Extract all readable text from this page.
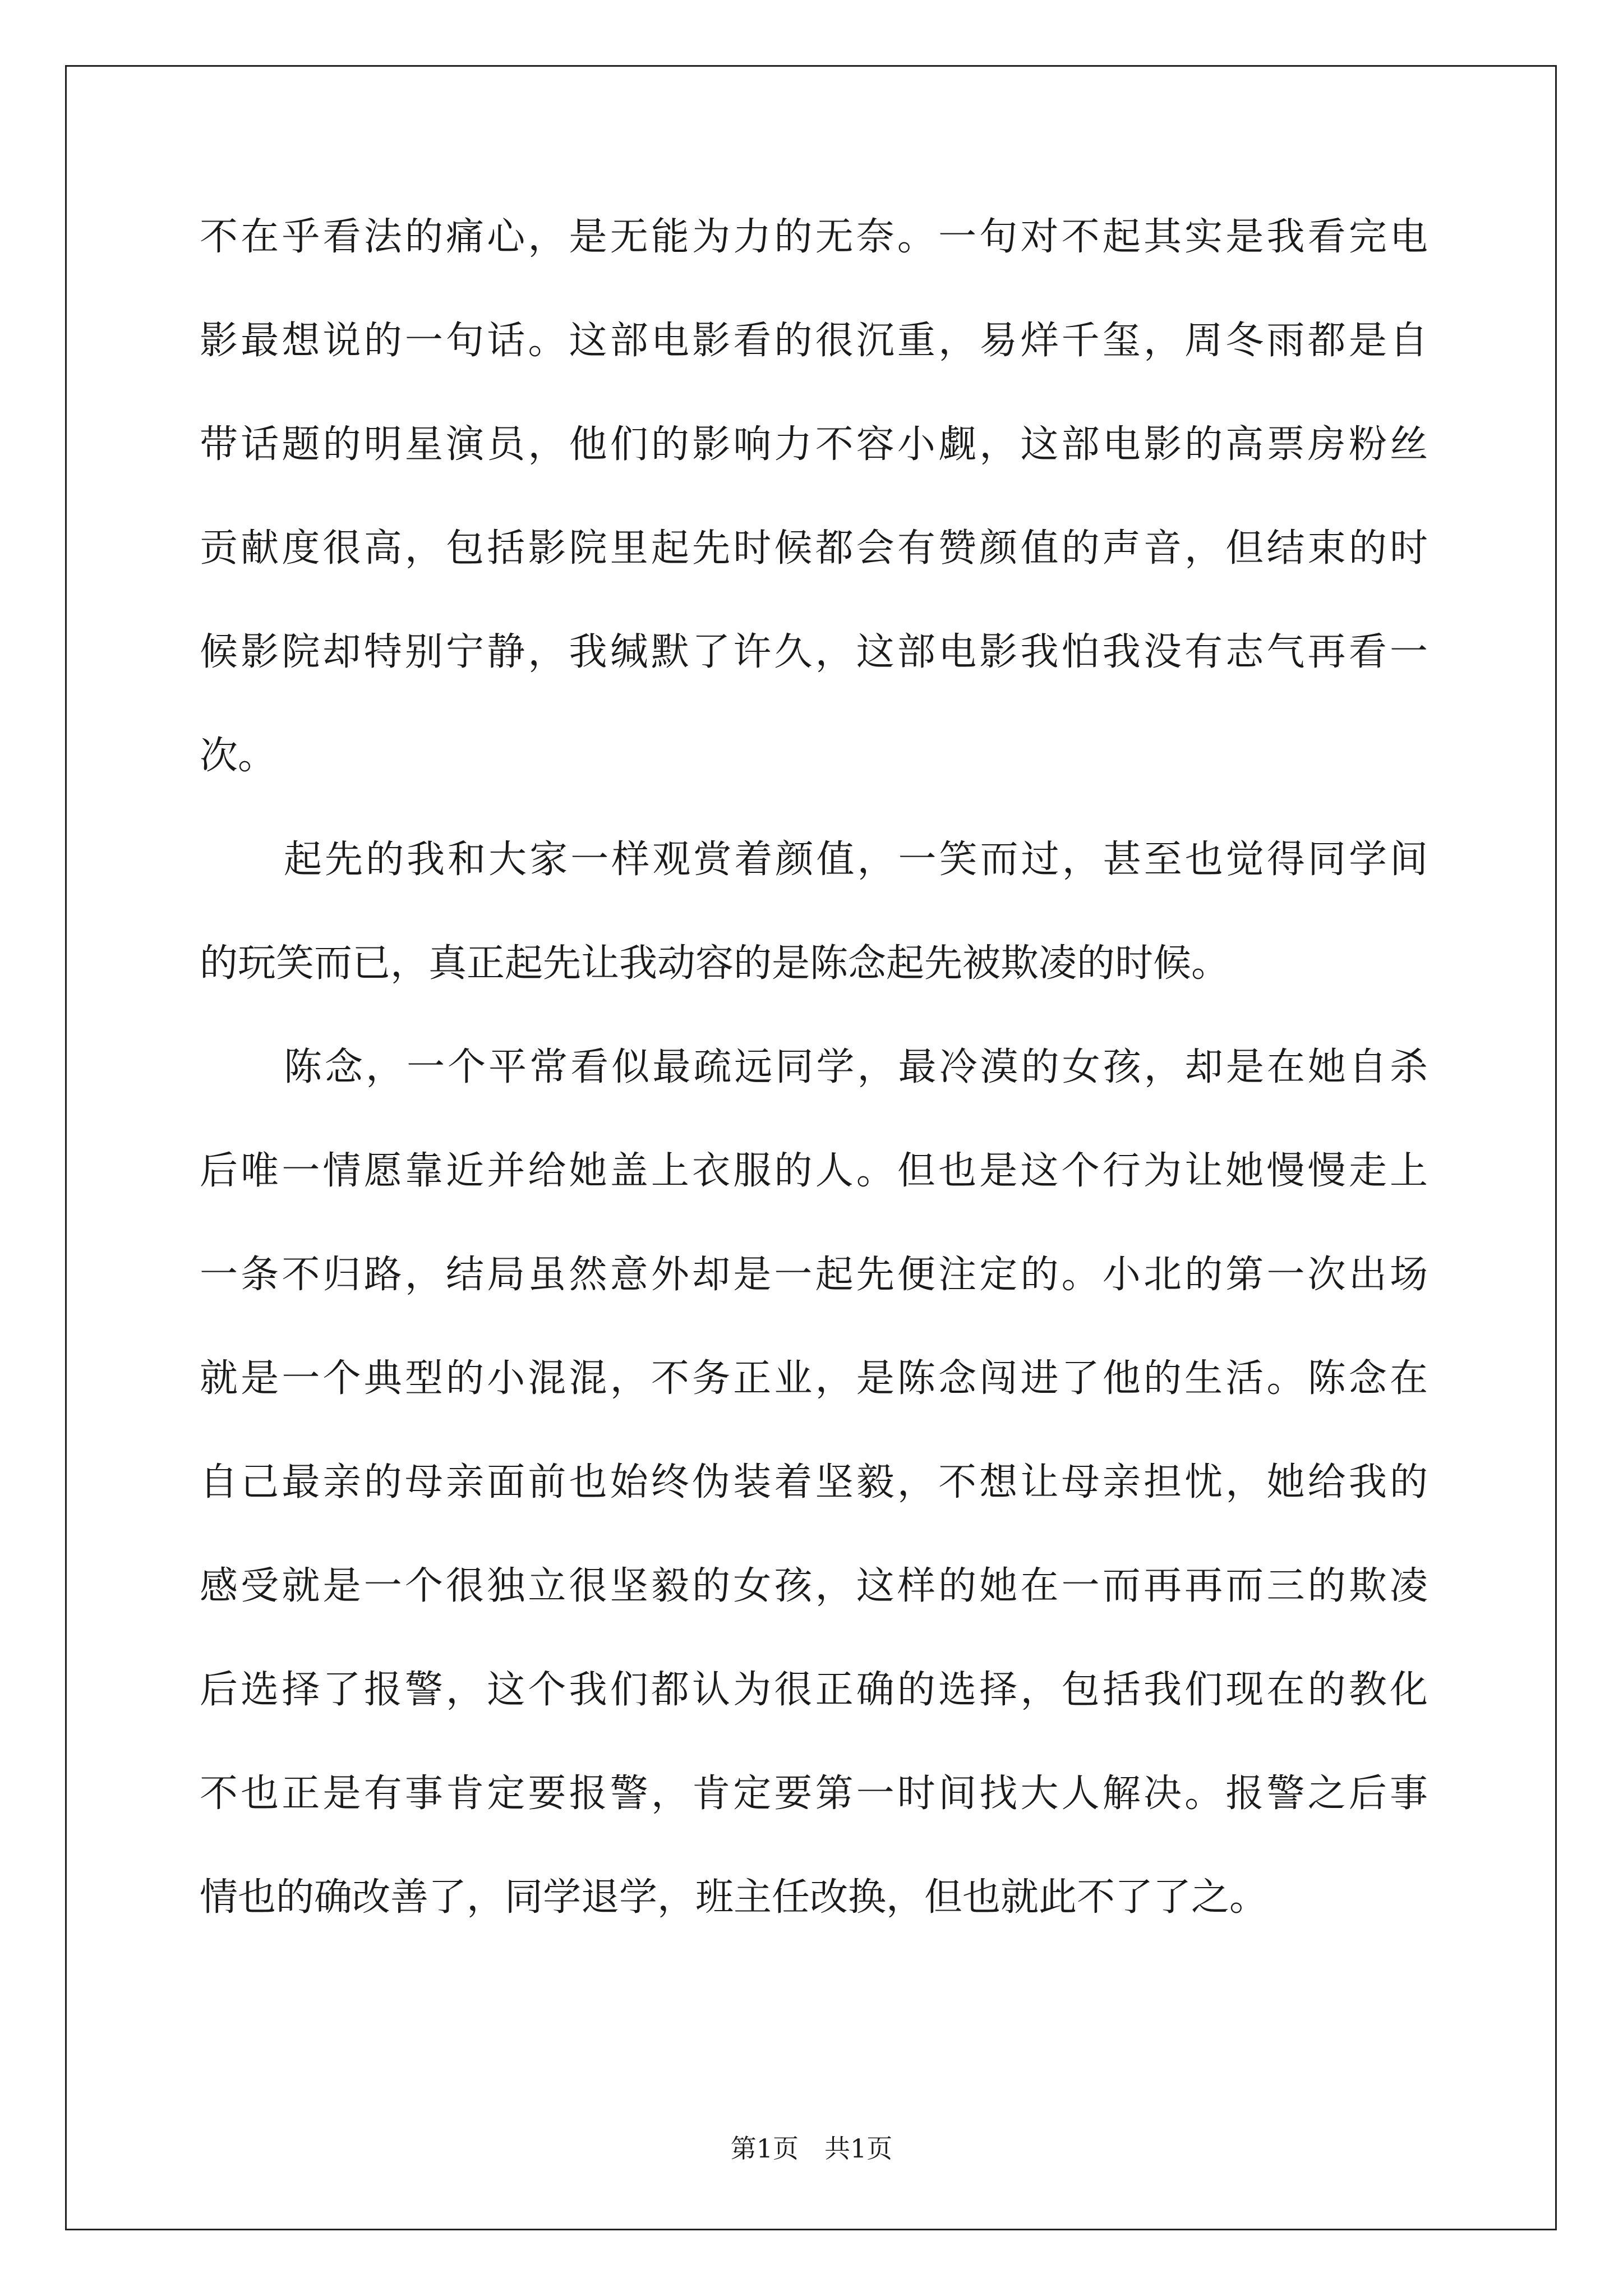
不在乎看法的痛心，是无能为力的无奈。一句对不起其实是我看完电
影最想说的一句话。这部电影看的很沉重，易烊千玺，周冬雨都是自
带话题的明星演员，他们的影响力不容小觑，这部电影的高票房粉丝
贡献度很高，包括影院里起先时候都会有赞颜值的声音，但结束的时
候影院却特别宁静，我缄默了许久，这部电影我怕我没有志气再看一
次。
起先的我和大家一样观赏着颜值，一笑而过，甚至也觉得同学间
的玩笑而已，真正起先让我动容的是陈念起先被欺凌的时候。
陈念，一个平常看似最疏远同学，最冷漠的女孩，却是在她自杀
后唯一情愿靠近并给她盖上衣服的人。但也是这个行为让她慢慢走上
一条不归路，结局虽然意外却是一起先便注定的。小北的第一次出场
就是一个典型的小混混，不务正业，是陈念闯进了他的生活。陈念在
自己最亲的母亲面前也始终伪装着坚毅，不想让母亲担忧，她给我的
感受就是一个很独立很坚毅的女孩，这样的她在一而再再而三的欺凌
后选择了报警，这个我们都认为很正确的选择，包括我们现在的教化
不也正是有事肯定要报警，肯定要第一时间找大人解决。报警之后事
情也的确改善了，同学退学，班主任改换，但也就此不了了之。
第1页　共1页
